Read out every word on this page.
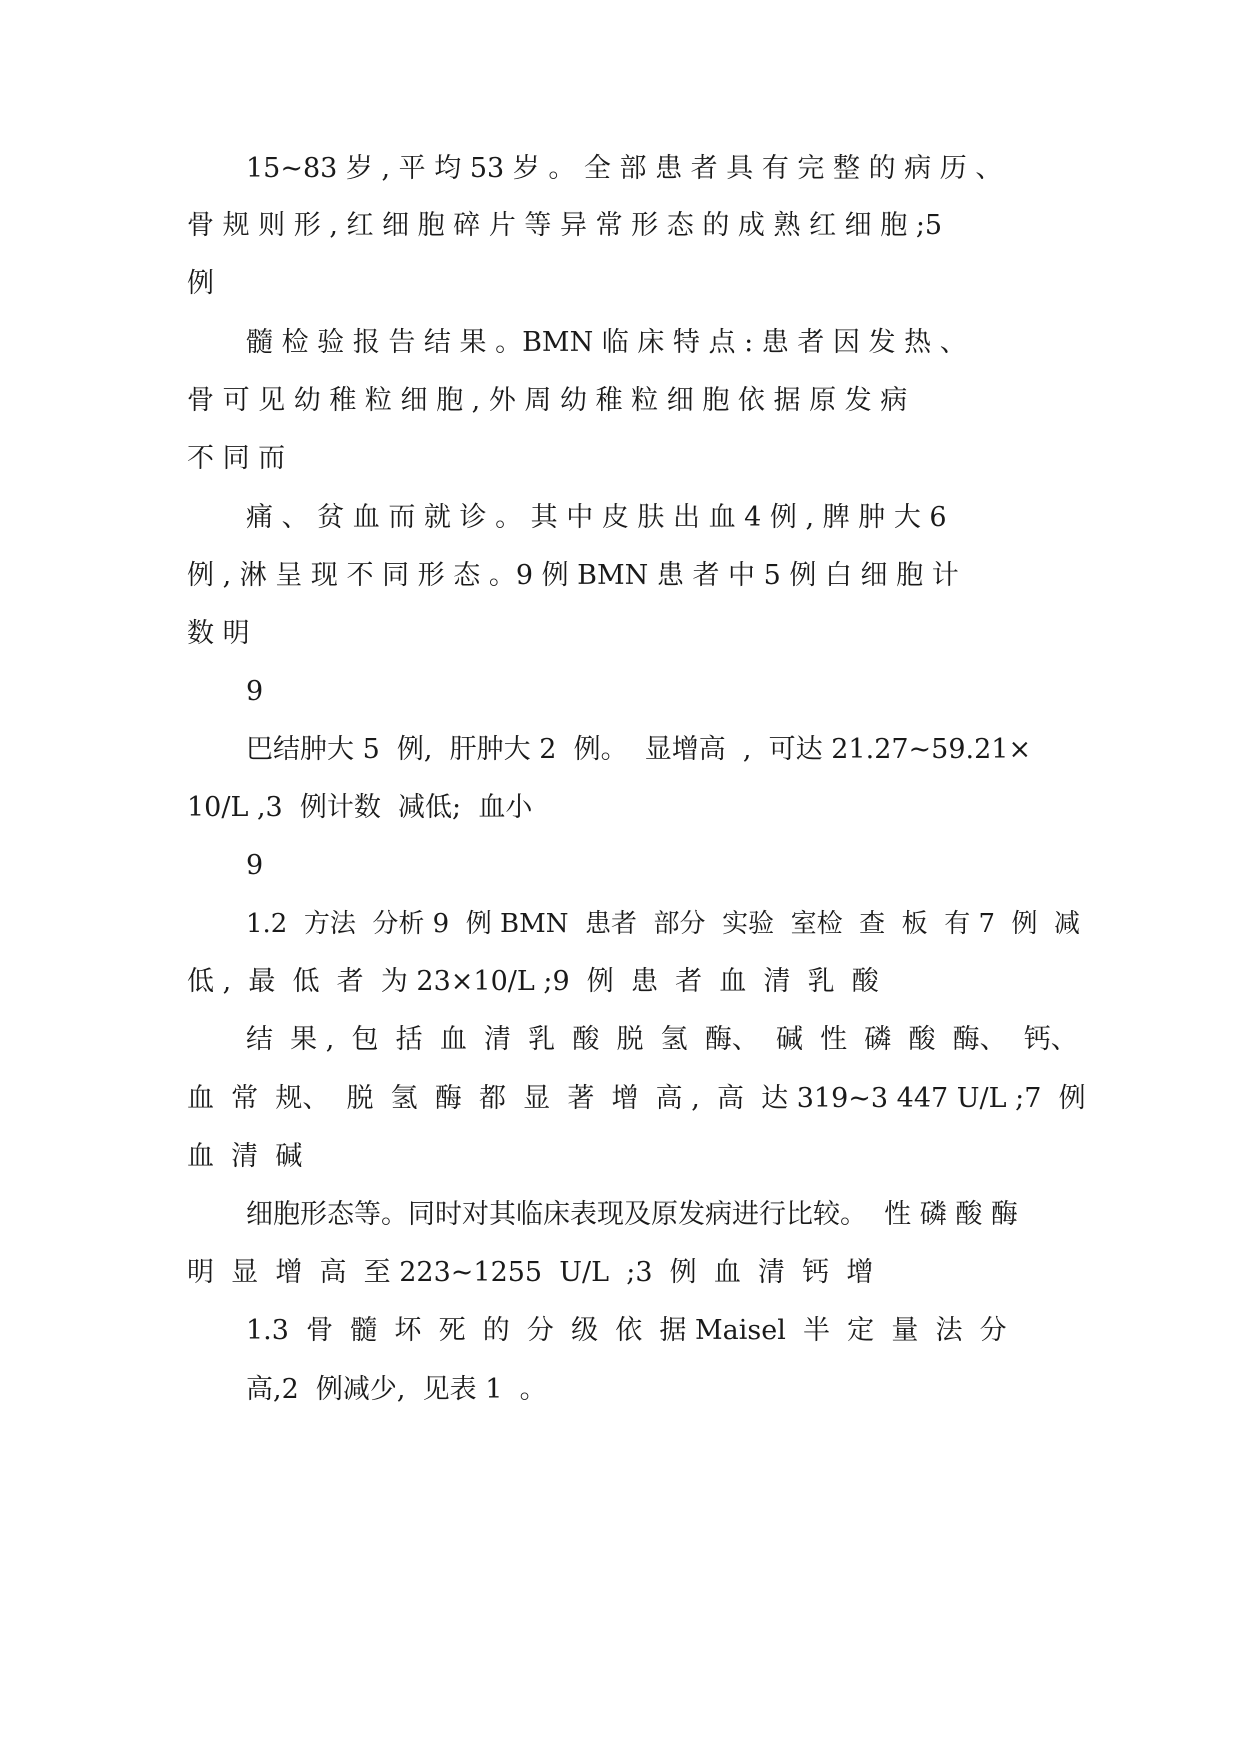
15~83 岁 , 平 均 53 岁 。 全 部 患 者 具 有 完 整 的 病 历 、
骨 规 则 形 , 红 细 胞 碎 片 等 异 常 形 态 的 成 熟 红 细 胞 ;5
例
髓 检 验 报 告 结 果 。BMN 临 床 特 点 : 患 者 因 发 热 、
骨 可 见 幼 稚 粒 细 胞 , 外 周 幼 稚 粒 细 胞 依 据 原 发 病
不 同 而
痛 、 贫 血 而 就 诊 。 其 中 皮 肤 出 血 4 例 , 脾 肿 大 6
例 , 淋 呈 现 不 同 形 态 。9 例 BMN 患 者 中 5 例 白 细 胞 计
数 明
9
巴结肿大 5  例,  肝肿大 2  例。  显增高  ,  可达 21.27~59.21×
10/L ,3  例计数  减低;  血小
9
1.2  方法  分析 9  例 BMN  患者  部分  实验  室检  查  板  有 7  例  减
低 ,  最  低  者  为 23×10/L ;9  例  患  者  血  清  乳  酸
结  果 ,  包  括  血  清  乳  酸  脱  氢  酶、  碱  性  磷  酸  酶、  钙、
血  常  规、  脱  氢  酶  都  显  著  增  高 ,  高  达 319~3 447 U/L ;7  例
血  清  碱
细胞形态等。同时对其临床表现及原发病进行比较。  性 磷 酸 酶
明  显  增  高  至 223~1255  U/L  ;3  例  血  清  钙  增
1.3  骨  髓  坏  死  的  分  级  依  据 Maisel  半  定  量  法  分
高,2  例减少,  见表 1  。
